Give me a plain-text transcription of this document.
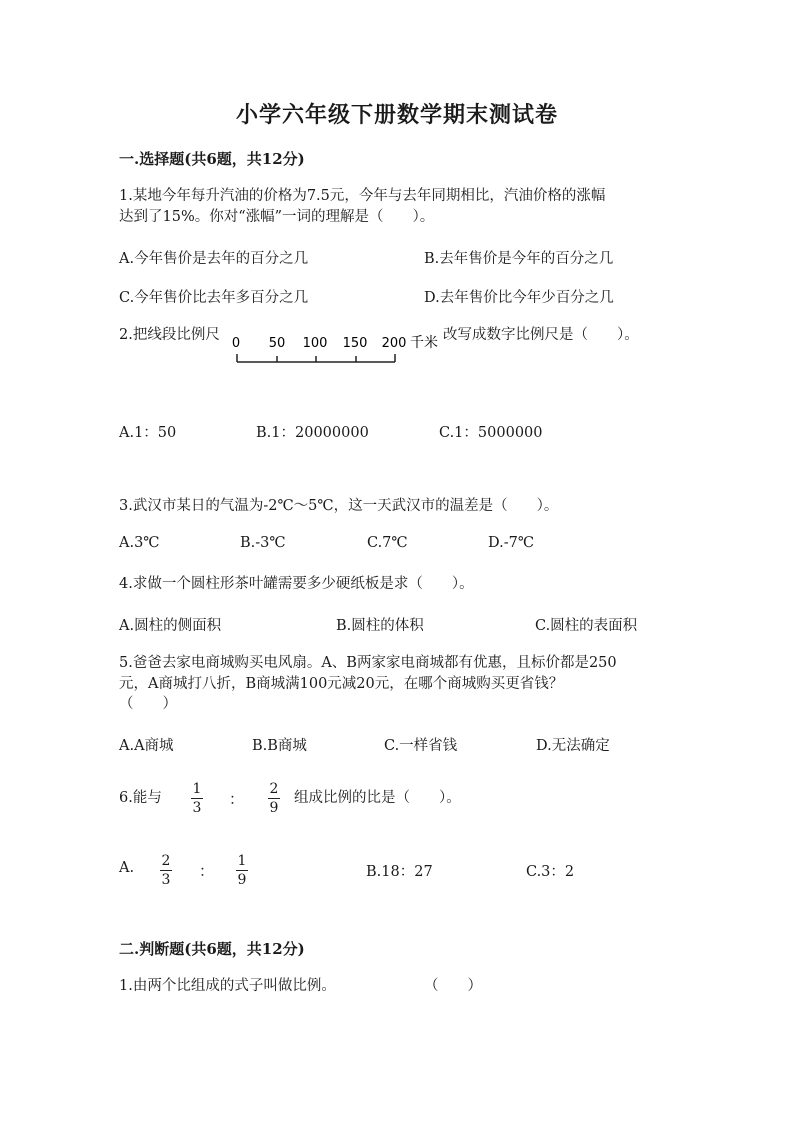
小学六年级下册数学期末测试卷
一.选择题(共6题，共12分)
1.某地今年每升汽油的价格为7.5元，今年与去年同期相比，汽油价格的涨幅
达到了15%。你对“涨幅”一词的理解是（　　）。
A.今年售价是去年的百分之几	B.去年售价是今年的百分之几
C.今年售价比去年多百分之几	D.去年售价比今年少百分之几
2.把线段比例尺
0 50 100 150 200 千米 改写成数字比例尺是（　　）。
A.1：50	B.1：20000000	C.1：5000000
3.武汉市某日的气温为-2℃～5℃，这一天武汉市的温差是（　　）。
A.3℃	B.-3℃	C.7℃	D.-7℃
4.求做一个圆柱形茶叶罐需要多少硬纸板是求（　　）。
A.圆柱的侧面积	B.圆柱的体积	C.圆柱的表面积
5.爸爸去家电商城购买电风扇。A、B两家家电商城都有优惠，且标价都是250
元，A商城打八折，B商城满100元减20元，在哪个商城购买更省钱？
（　　）
A.A商城	B.B商城	C.一样省钱	D.无法确定
6.能与
1
3 ：
2
9
组成比例的比是（　　）。
A. 2
3 ：
1
9	B.18：27	C.3：2
二.判断题(共6题，共12分)
1.由两个比组成的式子叫做比例。	（　　）
